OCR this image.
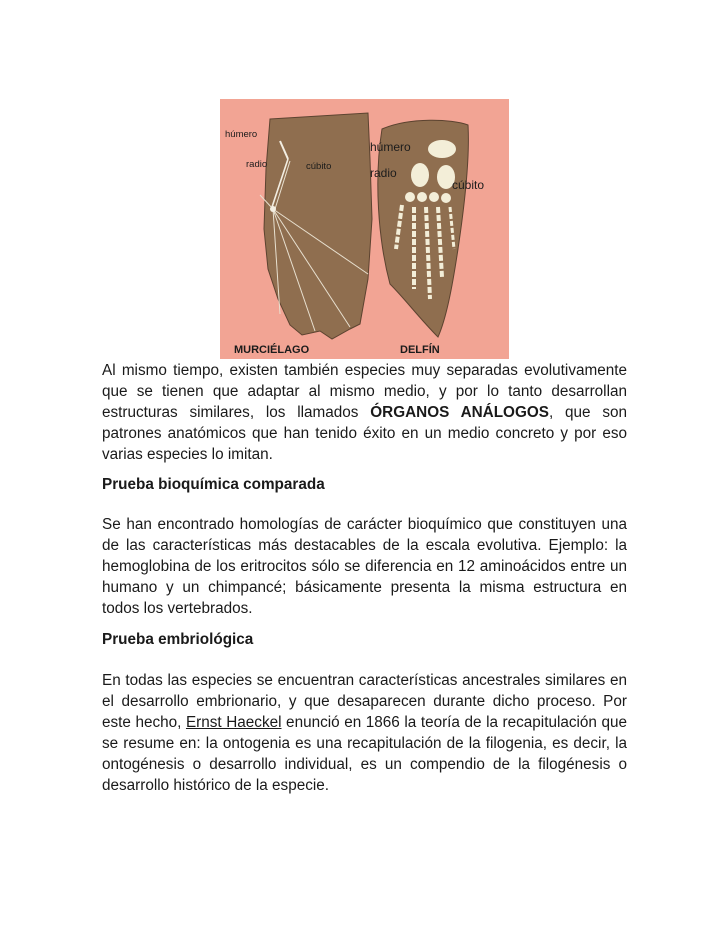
húmero
radio	cúbito
húmero
radio
cúbito
MURCIÉLAGO	DELFÍN

Al mismo tiempo, existen también especies muy separadas evolutivamente que se tienen que adaptar al mismo medio, y por lo tanto desarrollan estructuras similares, los llamados ÓRGANOS ANÁLOGOS, que son patrones anatómicos que han tenido éxito en un medio concreto y por eso varias especies lo imitan.

Prueba bioquímica comparada

Se han encontrado homologías de carácter bioquímico que constituyen una de las características más destacables de la escala evolutiva. Ejemplo: la hemoglobina de los eritrocitos sólo se diferencia en 12 aminoácidos entre un humano y un chimpancé; básicamente presenta la misma estructura en todos los vertebrados.

Prueba embriológica

En todas las especies se encuentran características ancestrales similares en el desarrollo embrionario, y que desaparecen durante dicho proceso. Por este hecho, Ernst Haeckel enunció en 1866 la teoría de la recapitulación que se resume en: la ontogenia es una recapitulación de la filogenia, es decir, la ontogénesis o desarrollo individual, es un compendio de la filogénesis o desarrollo histórico de la especie.
